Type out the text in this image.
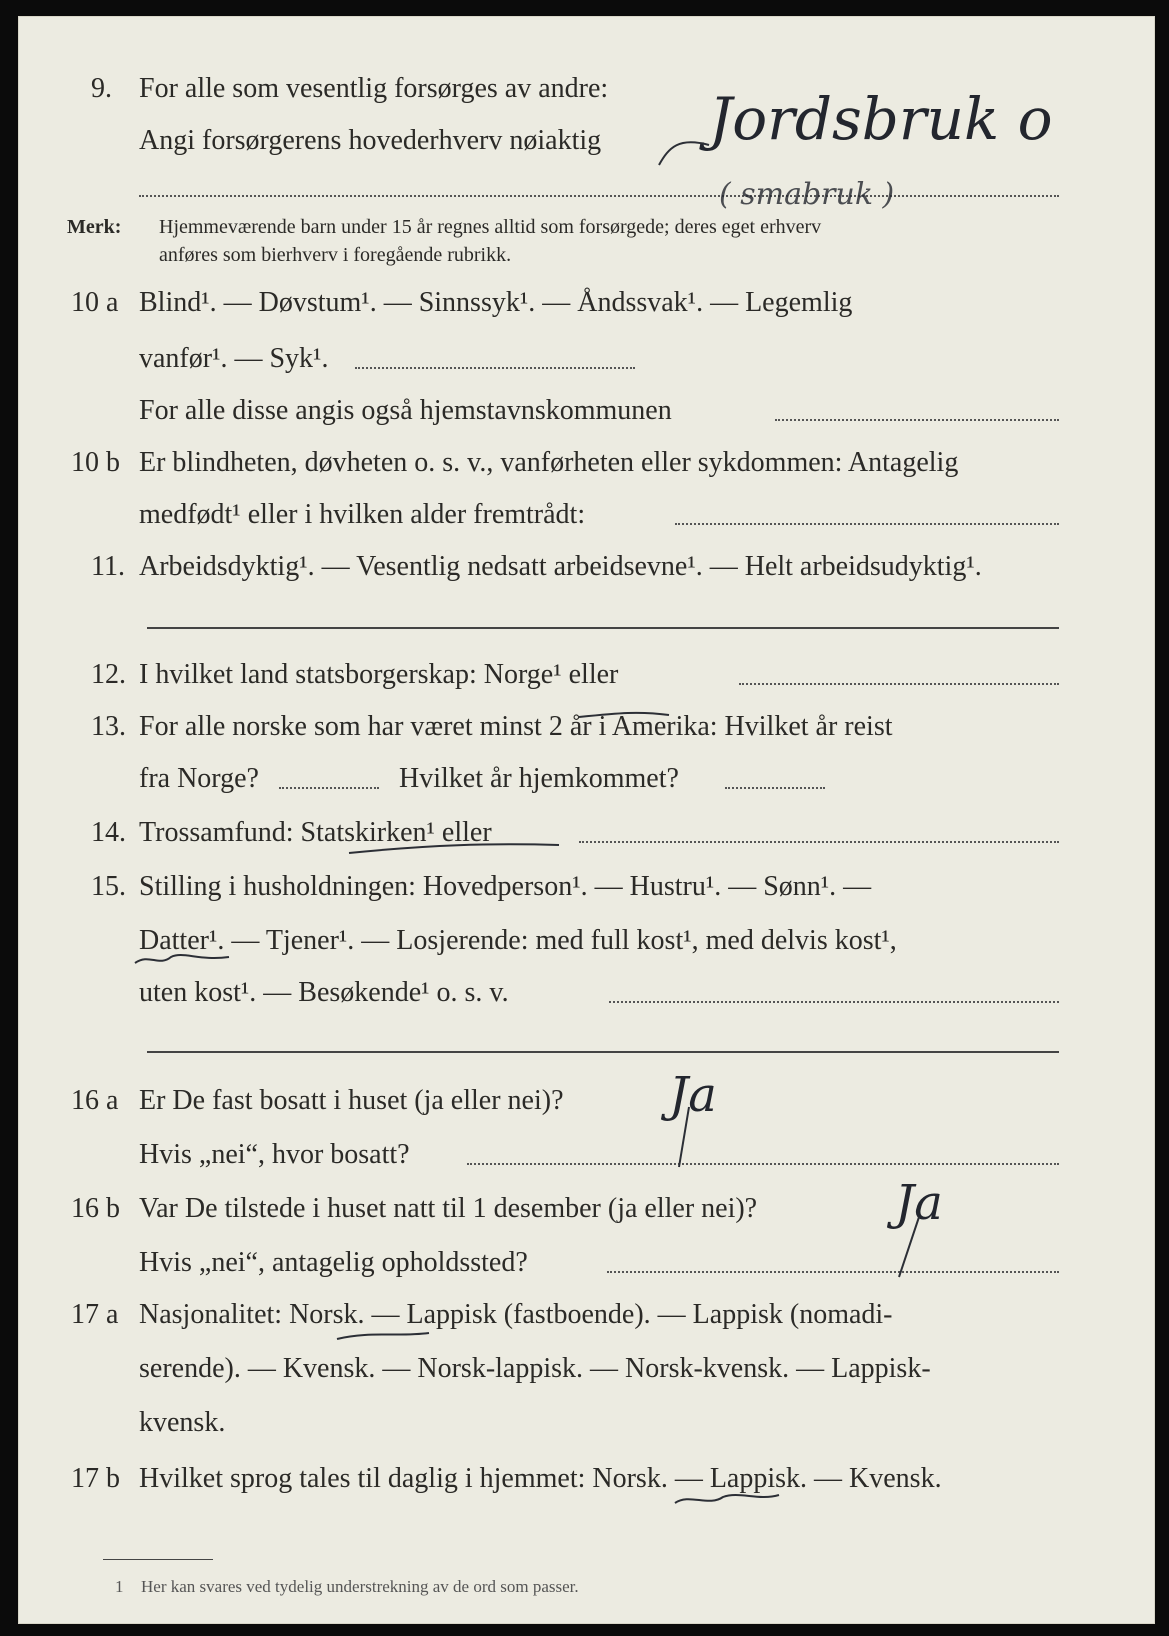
9. For alle som vesentlig forsørges av andre:
Angi forsørgerens hovederhverv nøiaktig Jordsbruk o
( smabruk )
Merk: Hjemmeværende barn under 15 år regnes alltid som forsørgede; deres eget erhverv
anføres som bierhverv i foregående rubrikk.
10 a Blind¹. — Døvstum¹. — Sinnssyk¹. — Åndssvak¹. — Legemlig
vanfør¹. — Syk¹.
For alle disse angis også hjemstavnskommunen
10 b Er blindheten, døvheten o. s. v., vanførheten eller sykdommen: Antagelig
medfødt¹ eller i hvilken alder fremtrådt:
11. Arbeidsdyktig¹. — Vesentlig nedsatt arbeidsevne¹. — Helt arbeidsudyktig¹.
12. I hvilket land statsborgerskap: Norge¹ eller
13. For alle norske som har været minst 2 år i Amerika: Hvilket år reist
fra Norge?	Hvilket år hjemkommet?
14. Trossamfund: Statskirken¹ eller
15. Stilling i husholdningen: Hovedperson¹. — Hustru¹. — Sønn¹. —
Datter¹. — Tjener¹. — Losjerende: med full kost¹, med delvis kost¹,
uten kost¹. — Besøkende¹ o. s. v.
16 a Er De fast bosatt i huset (ja eller nei)? Ja
Hvis „nei“, hvor bosatt?
16 b Var De tilstede i huset natt til 1 desember (ja eller nei)?	Ja
Hvis „nei“, antagelig opholdssted?
17 a Nasjonalitet: Norsk. — Lappisk (fastboende). — Lappisk (nomadi-
serende). — Kvensk. — Norsk-lappisk. — Norsk-kvensk. — Lappisk-
kvensk.
17 b Hvilket sprog tales til daglig i hjemmet: Norsk. — Lappisk. — Kvensk.
1 Her kan svares ved tydelig understrekning av de ord som passer.
